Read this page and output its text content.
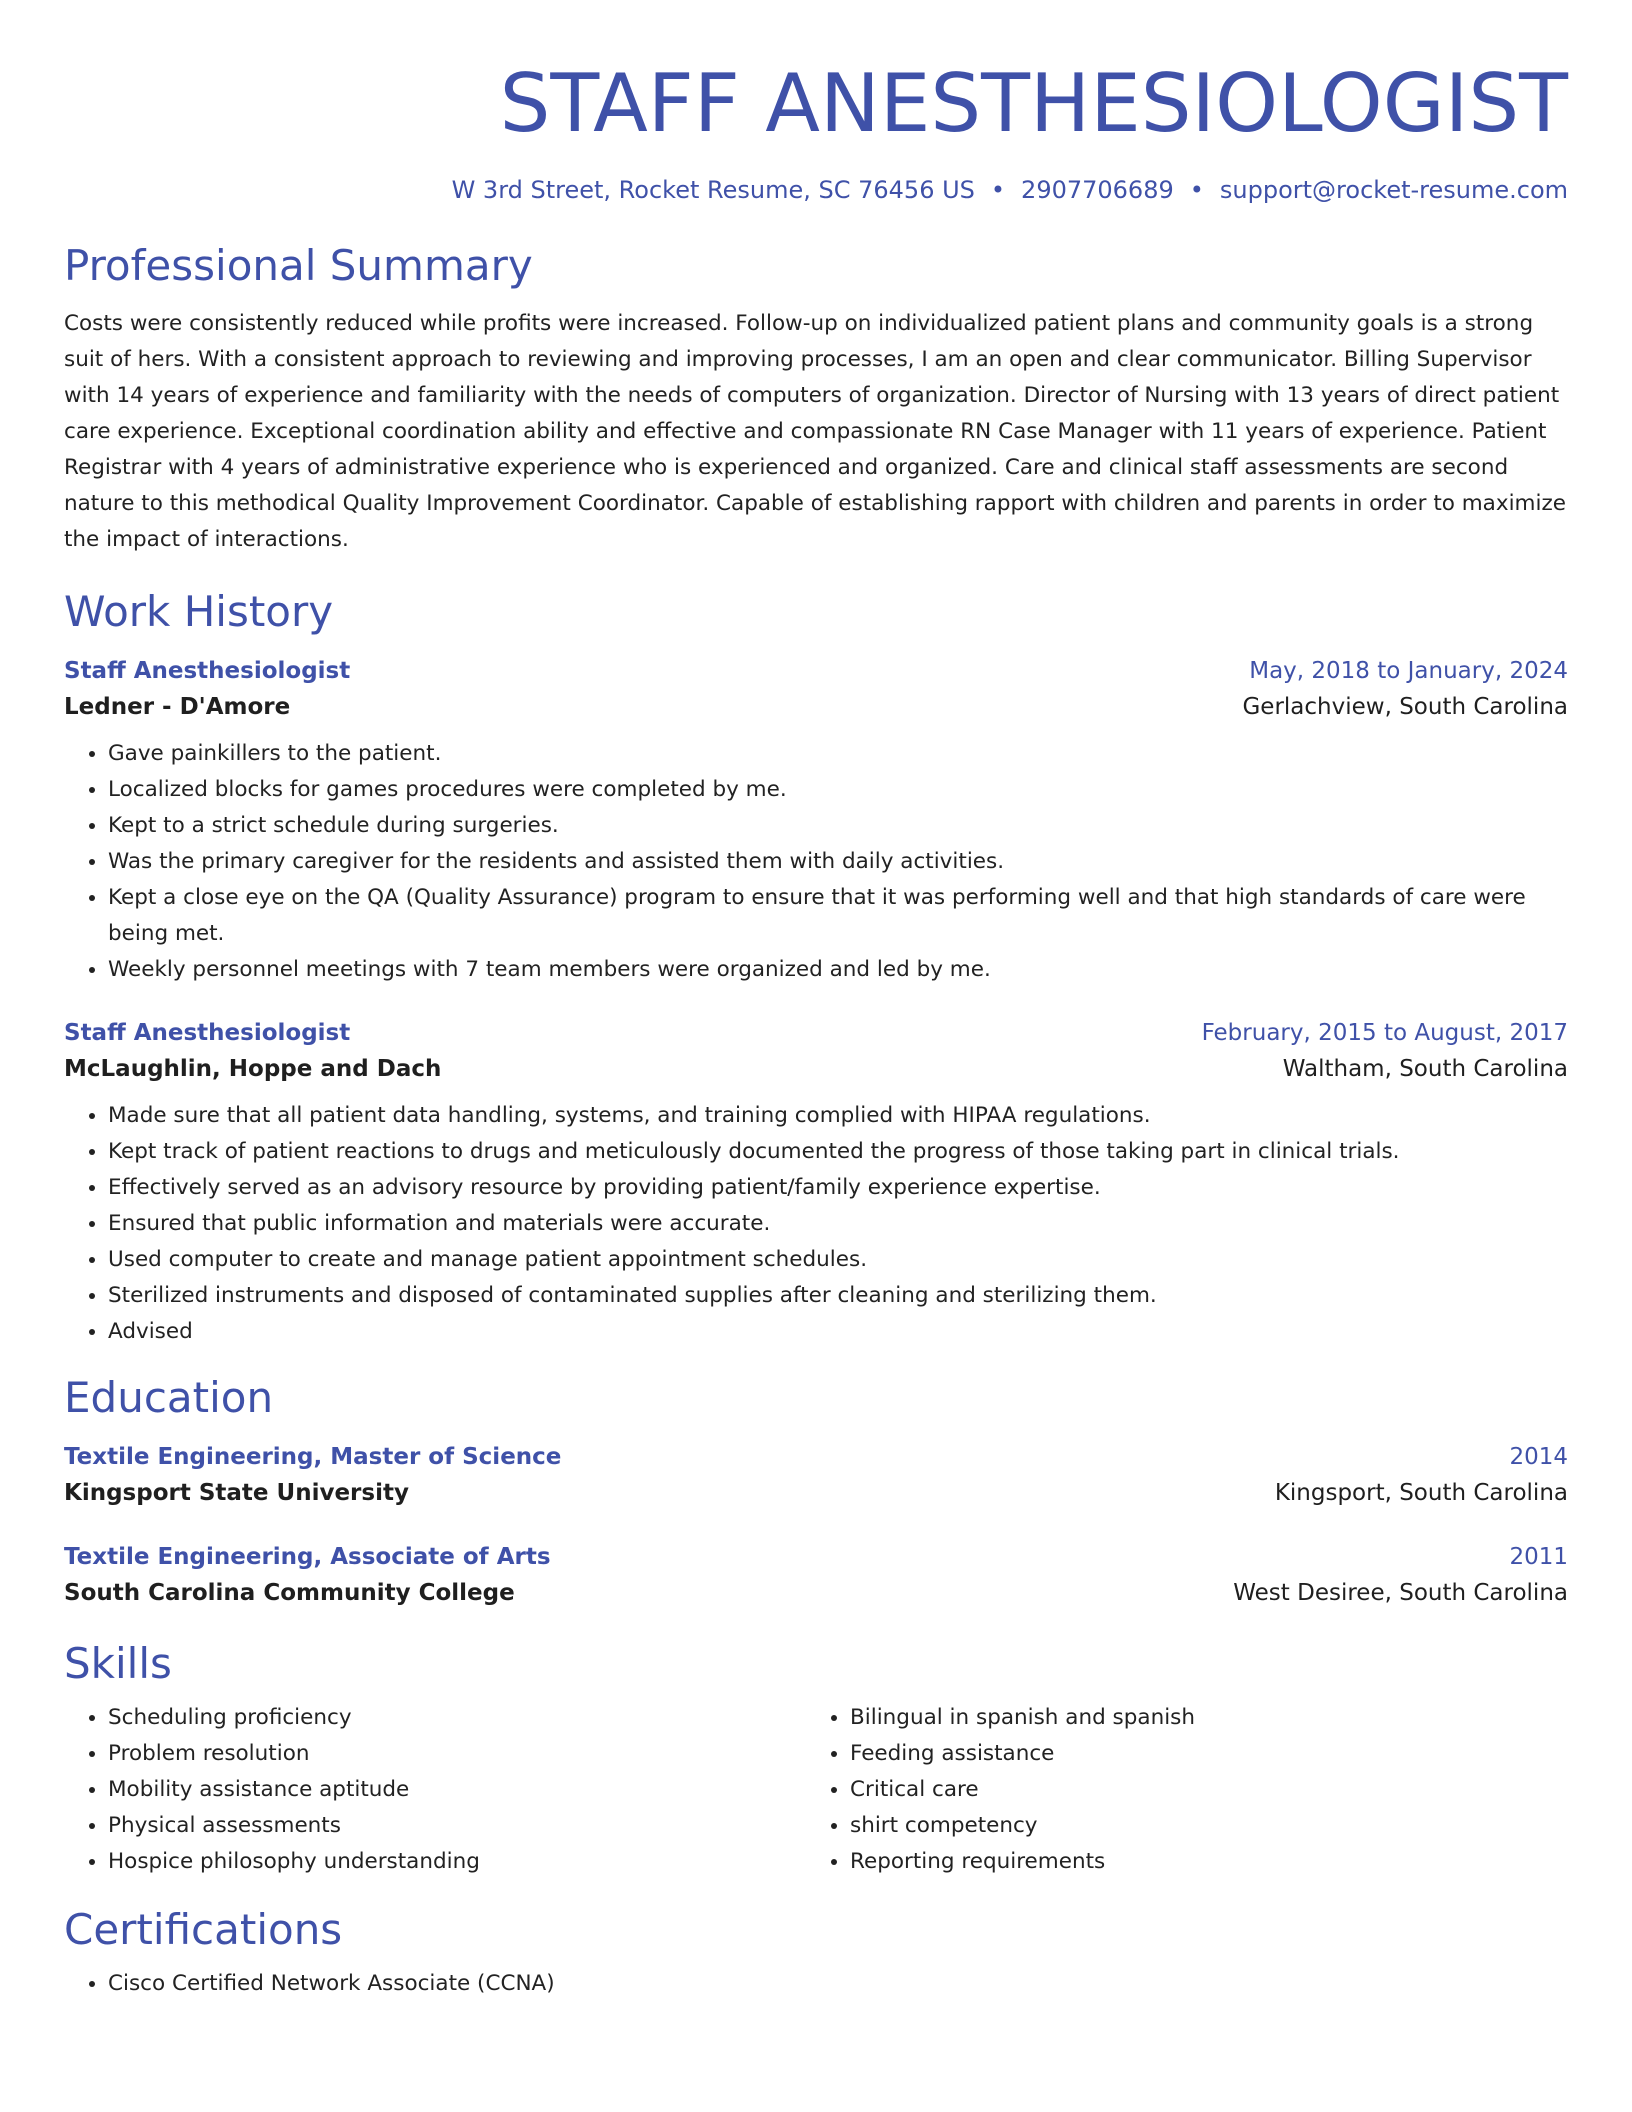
STAFF ANESTHESIOLOGIST
W 3rd Street, Rocket Resume, SC 76456 US • 2907706689 • support@rocket-resume.com
Professional Summary
Costs were consistently reduced while profits were increased. Follow-up on individualized patient plans and community goals is a strong suit of hers. With a consistent approach to reviewing and improving processes, I am an open and clear communicator. Billing Supervisor with 14 years of experience and familiarity with the needs of computers of organization. Director of Nursing with 13 years of direct patient care experience. Exceptional coordination ability and effective and compassionate RN Case Manager with 11 years of experience. Patient Registrar with 4 years of administrative experience who is experienced and organized. Care and clinical staff assessments are second nature to this methodical Quality Improvement Coordinator. Capable of establishing rapport with children and parents in order to maximize the impact of interactions.
Work History
Staff Anesthesiologist	May, 2018 to January, 2024
Ledner - D'Amore	Gerlachview, South Carolina
• Gave painkillers to the patient.
• Localized blocks for games procedures were completed by me.
• Kept to a strict schedule during surgeries.
• Was the primary caregiver for the residents and assisted them with daily activities.
• Kept a close eye on the QA (Quality Assurance) program to ensure that it was performing well and that high standards of care were being met.
• Weekly personnel meetings with 7 team members were organized and led by me.
Staff Anesthesiologist	February, 2015 to August, 2017
McLaughlin, Hoppe and Dach	Waltham, South Carolina
• Made sure that all patient data handling, systems, and training complied with HIPAA regulations.
• Kept track of patient reactions to drugs and meticulously documented the progress of those taking part in clinical trials.
• Effectively served as an advisory resource by providing patient/family experience expertise.
• Ensured that public information and materials were accurate.
• Used computer to create and manage patient appointment schedules.
• Sterilized instruments and disposed of contaminated supplies after cleaning and sterilizing them.
• Advised
Education
Textile Engineering, Master of Science	2014
Kingsport State University	Kingsport, South Carolina
Textile Engineering, Associate of Arts	2011
South Carolina Community College	West Desiree, South Carolina
Skills
• Scheduling proficiency
• Problem resolution
• Mobility assistance aptitude
• Physical assessments
• Hospice philosophy understanding
• Bilingual in spanish and spanish
• Feeding assistance
• Critical care
• shirt competency
• Reporting requirements
Certifications
• Cisco Certified Network Associate (CCNA)
